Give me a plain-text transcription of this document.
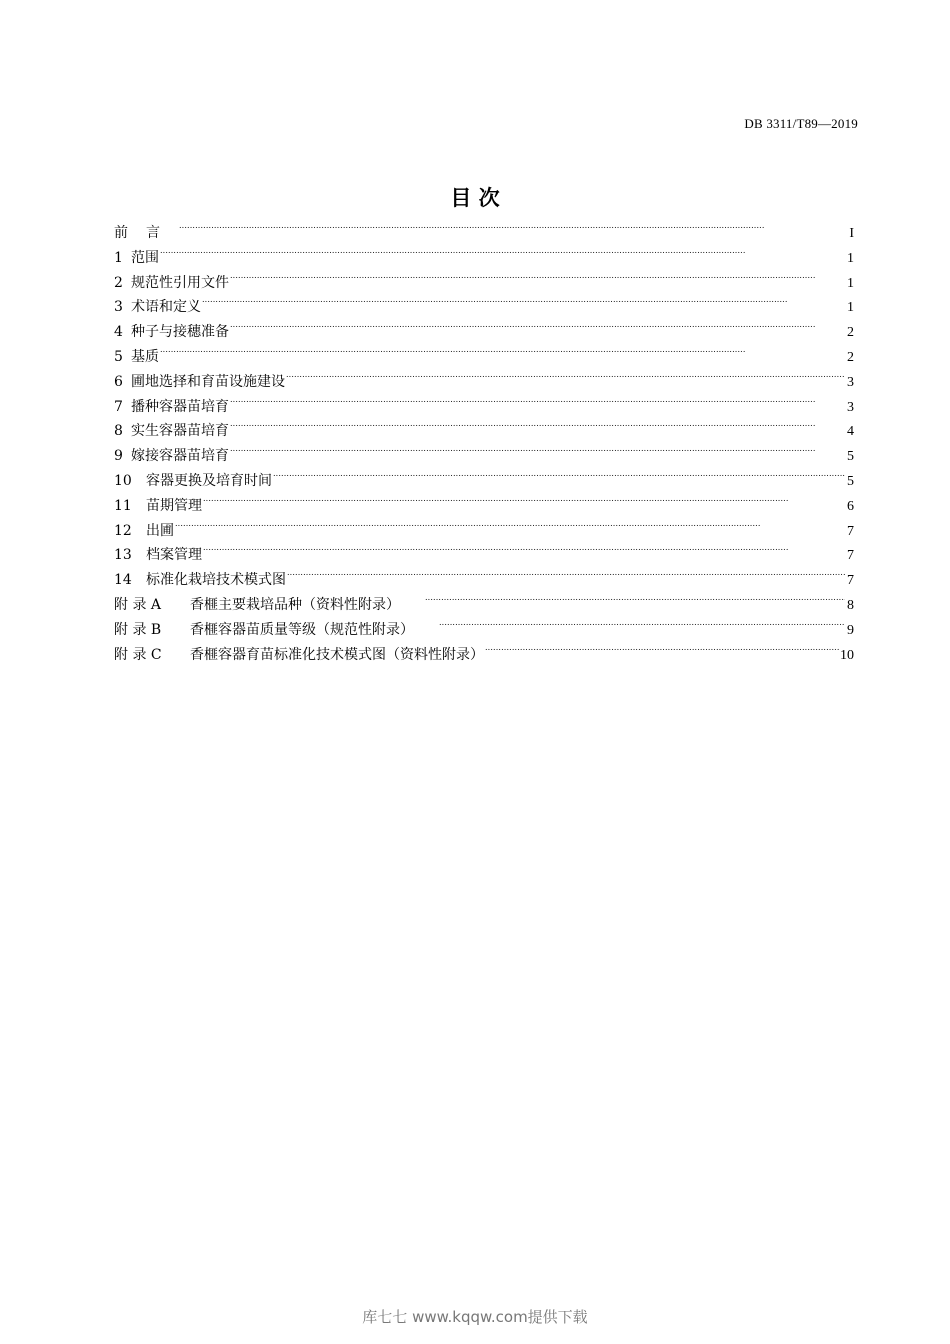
DB 3311/T89—2019
目 次
前言 . . .	I
1 范围 . . .	1
2 规范性引用文件 . . .	1
3 术语和定义 . . .	1
4 种子与接穗准备 . . .	2
5 基质 . . .	2
6 圃地选择和育苗设施建设 . . .	3
7 播种容器苗培育 . . .	3
8 实生容器苗培育 . . .	4
9 嫁接容器苗培育 . . .	5
10	容器更换及培育时间 . . .	5
11	苗期管理 . . .	6
12	出圃 . . .	7
13	档案管理 . . .	7
14	标准化栽培技术模式图 . . .	7
附 录 A	香榧主要栽培品种（资料性附录） . . .	8
附 录 B	香榧容器苗质量等级（规范性附录） . . .	9
附 录 C	香榧容器育苗标准化技术模式图（资料性附录） . . .	10
库七七 www.kqqw.com提供下载
